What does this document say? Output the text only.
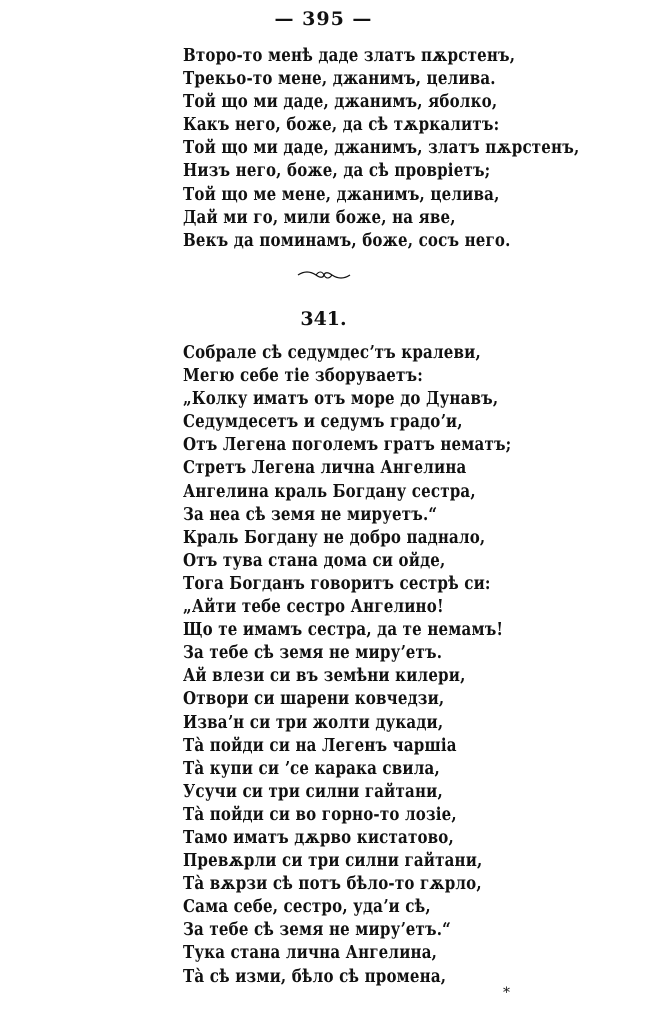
— 395 —
Второ-то менѣ даде златъ пѫрстенъ,
Трекьо-то мене, джанимъ, целива.
Той що ми даде, джанимъ, яболко,
Какъ него, боже, да сѣ тѫркалитъ:
Той що ми даде, джанимъ, златъ пѫрстенъ,
Низъ него, боже, да сѣ провріетъ;
Той що ме мене, джанимъ, целива,
Дай ми го, мили боже, на яве,
Векъ да поминамъ, боже, сосъ него.
341.
Собрале сѣ седумдесʼтъ кралеви,
Мегю себе тіе зборуваетъ:
„Колку иматъ отъ море до Дунавъ,
Седумдесетъ и седумъ градоʼи,
Отъ Легена поголемъ гратъ нематъ;
Стретъ Легена лична Ангелина
Ангелина краль Богдану сестра,
За неа сѣ земя не мируетъ.“
Краль Богдану не добро паднало,
Отъ тува стана дома си ойде,
Тога Богданъ говоритъ сестрѣ си:
„Айти тебе сестро Ангелино!
Що те имамъ сестра, да те немамъ!
За тебе сѣ земя не мируʼетъ.
Ай влези си въ земѣни килери,
Отвори си шарени ковчедзи,
Изваʼн си три жолти дукади,
Тà пойди си на Легенъ чаршіа
Тà купи си ʼсе карака свила,
Усучи си три силни гайтани,
Тà пойди си во горно-то лозіе,
Тамо иматъ дѫрво кистатово,
Превѫрли си три силни гайтани,
Тà вѫрзи сѣ потъ бѣло-то гѫрло,
Сама себе, сестро, удаʼи сѣ,
За тебе сѣ земя не мируʼетъ.“
Тука стана лична Ангелина,
Тà сѣ изми, бѣло сѣ промена,
*
